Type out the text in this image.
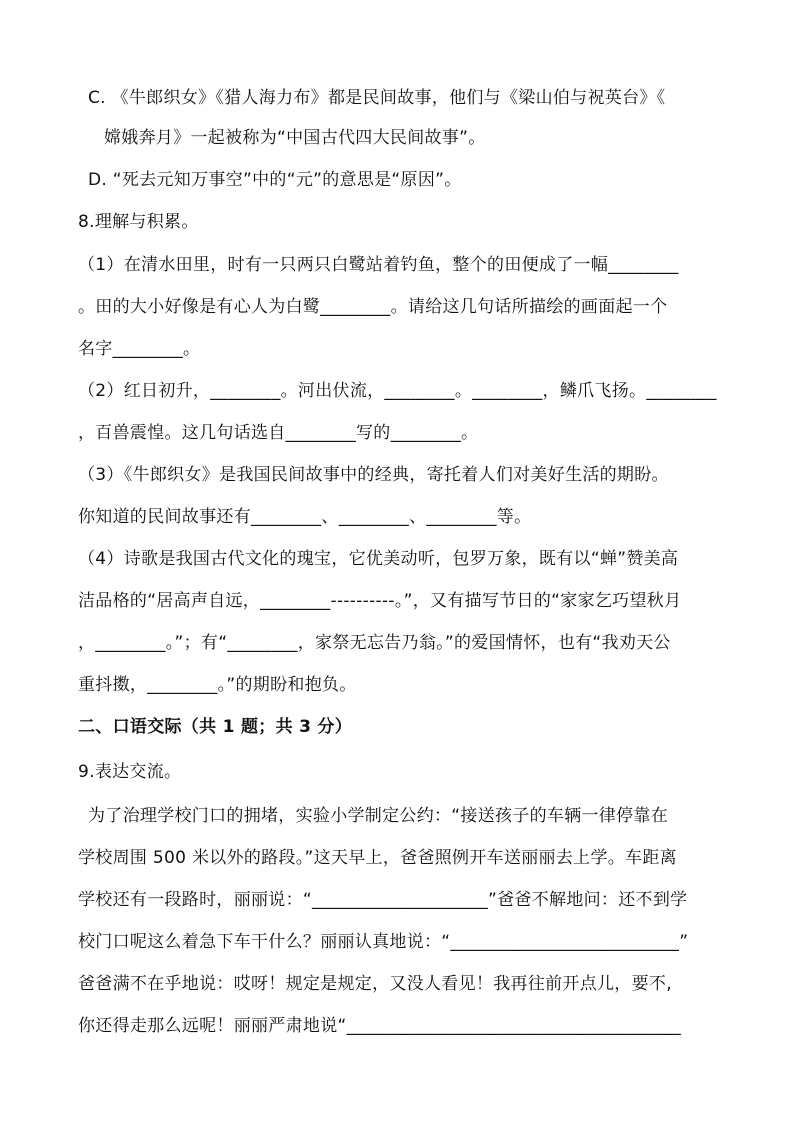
C. 《牛郎织女》《猎人海力布》都是民间故事，他们与《梁山伯与祝英台》《
嫦娥奔月》一起被称为“中国古代四大民间故事”。
D. “死去元知万事空”中的“元”的意思是“原因”。
8.理解与积累。
（1）在清水田里，时有一只两只白鹭站着钓鱼，整个的田便成了一幅________
。田的大小好像是有心人为白鹭________。请给这几句话所描绘的画面起一个
名字________。
（2）红日初升，________。河出伏流，________。________，鳞爪飞扬。________
，百兽震惶。这几句话选自________写的________。
（3）《牛郎织女》是我国民间故事中的经典，寄托着人们对美好生活的期盼。
你知道的民间故事还有________、________、________等。
（4）诗歌是我国古代文化的瑰宝，它优美动听，包罗万象，既有以“蝉”赞美高
洁品格的“居高声自远，________----------。”，又有描写节日的“家家乞巧望秋月
，________。”；有“________，家祭无忘告乃翁。”的爱国情怀，也有“我劝天公
重抖擞，________。”的期盼和抱负。
二、口语交际（共 1 题；共 3 分）
9.表达交流。
为了治理学校门口的拥堵，实验小学制定公约：“接送孩子的车辆一律停靠在
学校周围 500 米以外的路段。”这天早上，爸爸照例开车送丽丽去上学。车距离
学校还有一段路时，丽丽说：“____________________”爸爸不解地问：还不到学
校门口呢这么着急下车干什么？丽丽认真地说：“__________________________”
爸爸满不在乎地说：哎呀！规定是规定，又没人看见！我再往前开点儿，要不,
你还得走那么远呢！丽丽严肃地说“______________________________________
